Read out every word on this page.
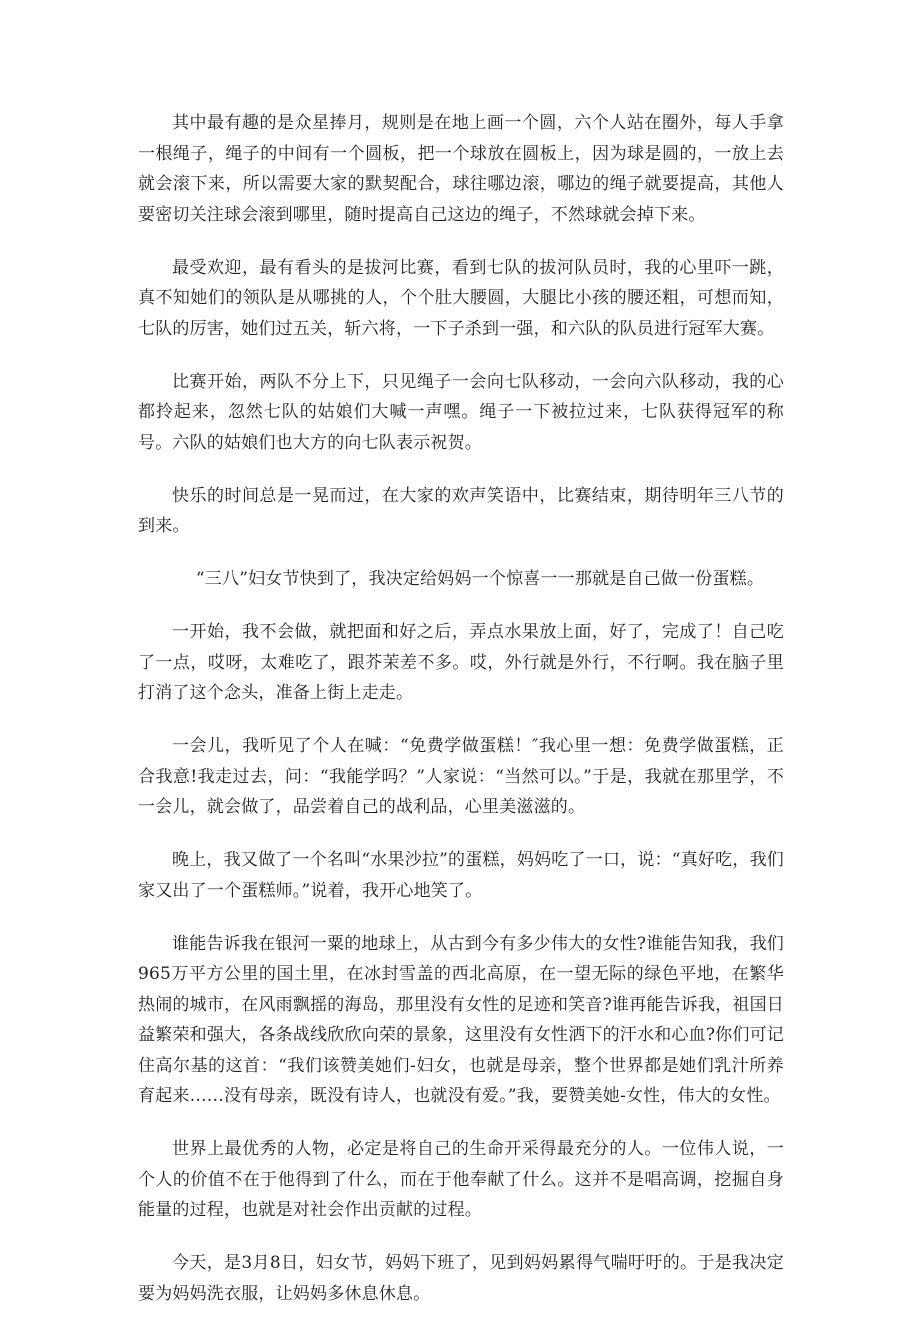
其中最有趣的是众星捧月，规则是在地上画一个圆，六个人站在圈外，每人手拿一根绳子，绳子的中间有一个圆板，把一个球放在圆板上，因为球是圆的，一放上去就会滚下来，所以需要大家的默契配合，球往哪边滚，哪边的绳子就要提高，其他人要密切关注球会滚到哪里，随时提高自己这边的绳子，不然球就会掉下来。

最受欢迎，最有看头的是拔河比赛，看到七队的拔河队员时，我的心里吓一跳，真不知她们的领队是从哪挑的人，个个肚大腰圆，大腿比小孩的腰还粗，可想而知，七队的厉害，她们过五关，斩六将，一下子杀到一强，和六队的队员进行冠军大赛。

比赛开始，两队不分上下，只见绳子一会向七队移动，一会向六队移动，我的心都拎起来，忽然七队的姑娘们大喊一声嘿。绳子一下被拉过来，七队获得冠军的称号。六队的姑娘们也大方的向七队表示祝贺。

快乐的时间总是一晃而过，在大家的欢声笑语中，比赛结束，期待明年三八节的到来。

“三八”妇女节快到了，我决定给妈妈一个惊喜一一那就是自己做一份蛋糕。

一开始，我不会做，就把面和好之后，弄点水果放上面，好了，完成了！自己吃了一点，哎呀，太难吃了，跟芥茉差不多。哎，外行就是外行，不行啊。我在脑子里打消了这个念头，准备上街上走走。

一会儿，我听见了个人在喊：“免费学做蛋糕！″我心里一想：免费学做蛋糕，正合我意!我走过去，问：“我能学吗？”人家说：“当然可以。”于是，我就在那里学，不一会儿，就会做了，品尝着自己的战利品，心里美滋滋的。

晚上，我又做了一个名叫“水果沙拉”的蛋糕，妈妈吃了一口，说：“真好吃，我们家又出了一个蛋糕师。”说着，我开心地笑了。

谁能告诉我在银河一粟的地球上，从古到今有多少伟大的女性?谁能告知我，我们965万平方公里的国土里，在冰封雪盖的西北高原，在一望无际的绿色平地，在繁华热闹的城市，在风雨飘摇的海岛，那里没有女性的足迹和笑音?谁再能告诉我，祖国日益繁荣和强大，各条战线欣欣向荣的景象，这里没有女性洒下的汗水和心血?你们可记住高尔基的这首：“我们该赞美她们-妇女，也就是母亲，整个世界都是她们乳汁所养育起来……没有母亲，既没有诗人，也就没有爱。”我，要赞美她-女性，伟大的女性。

世界上最优秀的人物，必定是将自己的生命开采得最充分的人。一位伟人说，一个人的价值不在于他得到了什么，而在于他奉献了什么。这并不是唱高调，挖掘自身能量的过程，也就是对社会作出贡献的过程。

今天，是3月8日，妇女节，妈妈下班了，见到妈妈累得气喘吁吁的。于是我决定要为妈妈洗衣服，让妈妈多休息休息。
